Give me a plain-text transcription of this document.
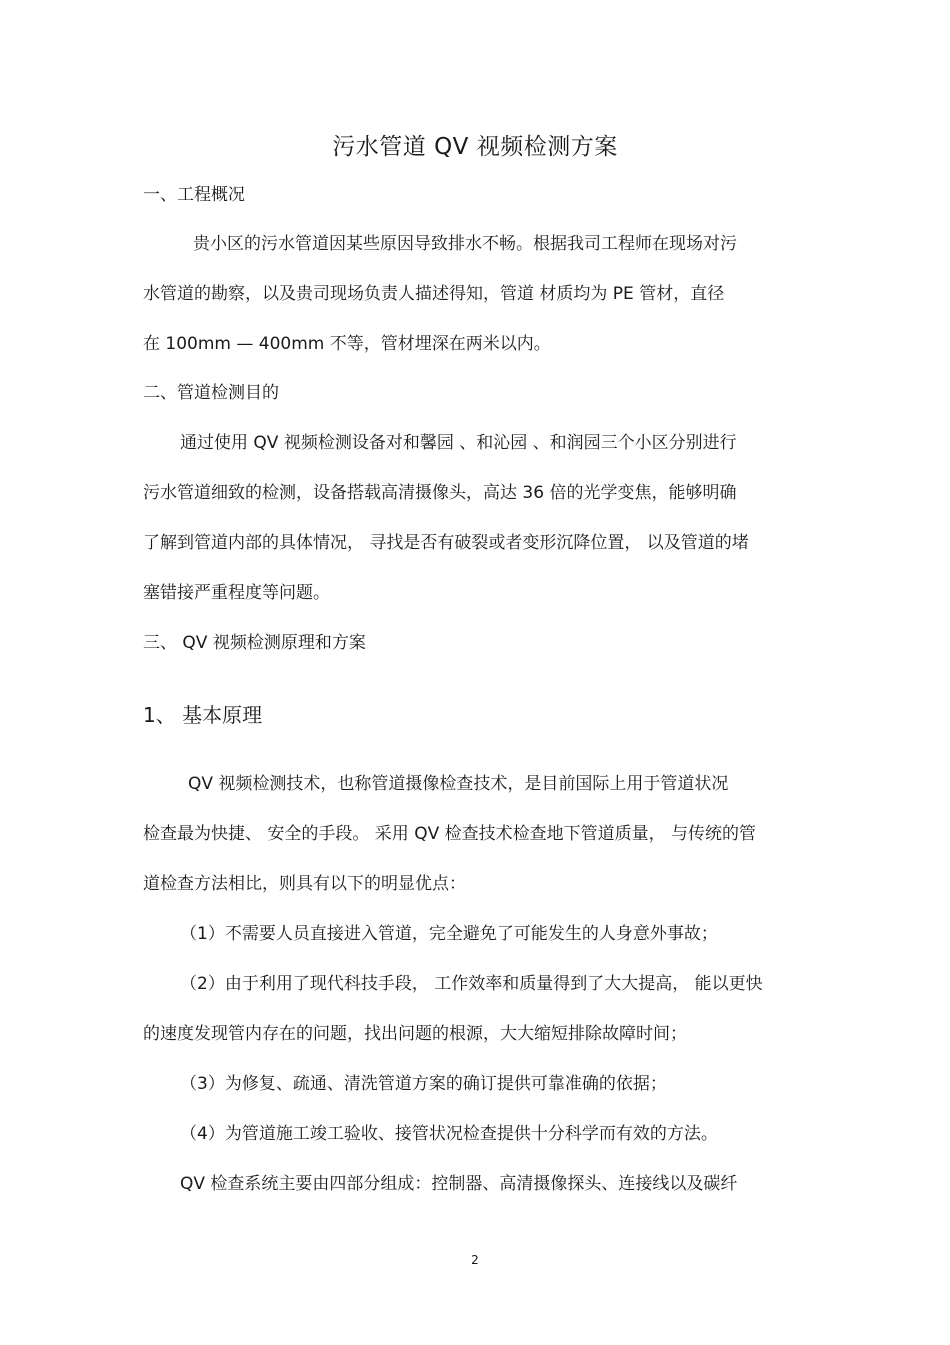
污水管道 QV 视频检测方案
一、工程概况
贵小区的污水管道因某些原因导致排水不畅。根据我司工程师在现场对污
水管道的勘察，以及贵司现场负责人描述得知，管道 材质均为 PE 管材，直径
在 100mm — 400mm 不等，管材埋深在两米以内。
二、管道检测目的
通过使用 QV 视频检测设备对和馨园 、和沁园 、和润园三个小区分别进行
污水管道细致的检测，设备搭载高清摄像头，高达 36 倍的光学变焦，能够明确
了解到管道内部的具体情况， 寻找是否有破裂或者变形沉降位置， 以及管道的堵
塞错接严重程度等问题。
三、 QV 视频检测原理和方案
1、 基本原理
QV 视频检测技术，也称管道摄像检查技术，是目前国际上用于管道状况
检查最为快捷、 安全的手段。 采用 QV 检查技术检查地下管道质量， 与传统的管
道检查方法相比，则具有以下的明显优点：
（1）不需要人员直接进入管道，完全避免了可能发生的人身意外事故；
（2）由于利用了现代科技手段， 工作效率和质量得到了大大提高， 能以更快
的速度发现管内存在的问题，找出问题的根源，大大缩短排除故障时间；
（3）为修复、疏通、清洗管道方案的确订提供可靠准确的依据；
（4）为管道施工竣工验收、接管状况检查提供十分科学而有效的方法。
QV 检查系统主要由四部分组成：控制器、高清摄像探头、连接线以及碳纤
2
